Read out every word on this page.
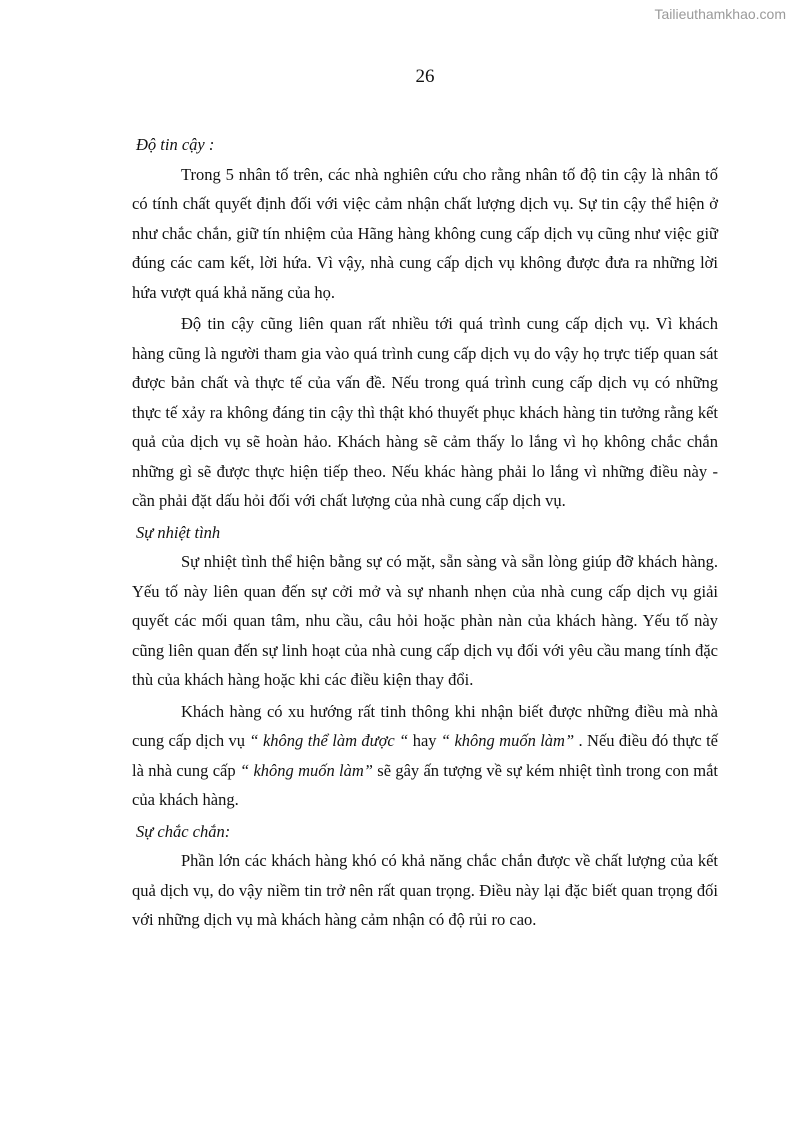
Tailieuthamkhao.com
26

Độ tin cậy :

Trong 5 nhân tố trên, các nhà nghiên cứu cho rằng nhân tố độ tin cậy là nhân tố có tính chất quyết định đối với việc cảm nhận chất lượng dịch vụ. Sự tin cậy thể hiện ở như chắc chắn, giữ tín nhiệm của Hãng hàng không cung cấp dịch vụ cũng như việc giữ đúng các cam kết, lời hứa. Vì vậy, nhà cung cấp dịch vụ không được đưa ra những lời hứa vượt quá khả năng của họ.

Độ tin cậy cũng liên quan rất nhiều tới quá trình cung cấp dịch vụ. Vì khách hàng cũng là người tham gia vào quá trình cung cấp dịch vụ do vậy họ trực tiếp quan sát được bản chất và thực tế của vấn đề. Nếu trong quá trình cung cấp dịch vụ có những thực tế xảy ra không đáng tin cậy thì thật khó thuyết phục khách hàng tin tưởng rằng kết quả của dịch vụ sẽ hoàn hảo. Khách hàng sẽ cảm thấy lo lắng vì họ không chắc chắn những gì sẽ được thực hiện tiếp theo. Nếu khác hàng phải lo lắng vì những điều này - cần phải đặt dấu hỏi đối với chất lượng của nhà cung cấp dịch vụ.

Sự nhiệt tình

Sự nhiệt tình thể hiện bằng sự có mặt, sẵn sàng và sẵn lòng giúp đỡ khách hàng. Yếu tố này liên quan đến sự cởi mở và sự nhanh nhẹn của nhà cung cấp dịch vụ giải quyết các mối quan tâm, nhu cầu, câu hỏi hoặc phàn nàn của khách hàng. Yếu tố này cũng liên quan đến sự linh hoạt của nhà cung cấp dịch vụ đối với yêu cầu mang tính đặc thù của khách hàng hoặc khi các điều kiện thay đổi.

Khách hàng có xu hướng rất tinh thông khi nhận biết được những điều mà nhà cung cấp dịch vụ “ không thể làm được “ hay “ không muốn làm” . Nếu điều đó thực tế là nhà cung cấp “ không muốn làm” sẽ gây ấn tượng về sự kém nhiệt tình trong con mắt của khách hàng.

Sự chắc chắn:

Phần lớn các khách hàng khó có khả năng chắc chắn được về chất lượng của kết quả dịch vụ, do vậy niềm tin trở nên rất quan trọng. Điều này lại đặc biết quan trọng đối với những dịch vụ mà khách hàng cảm nhận có độ rủi ro cao.
